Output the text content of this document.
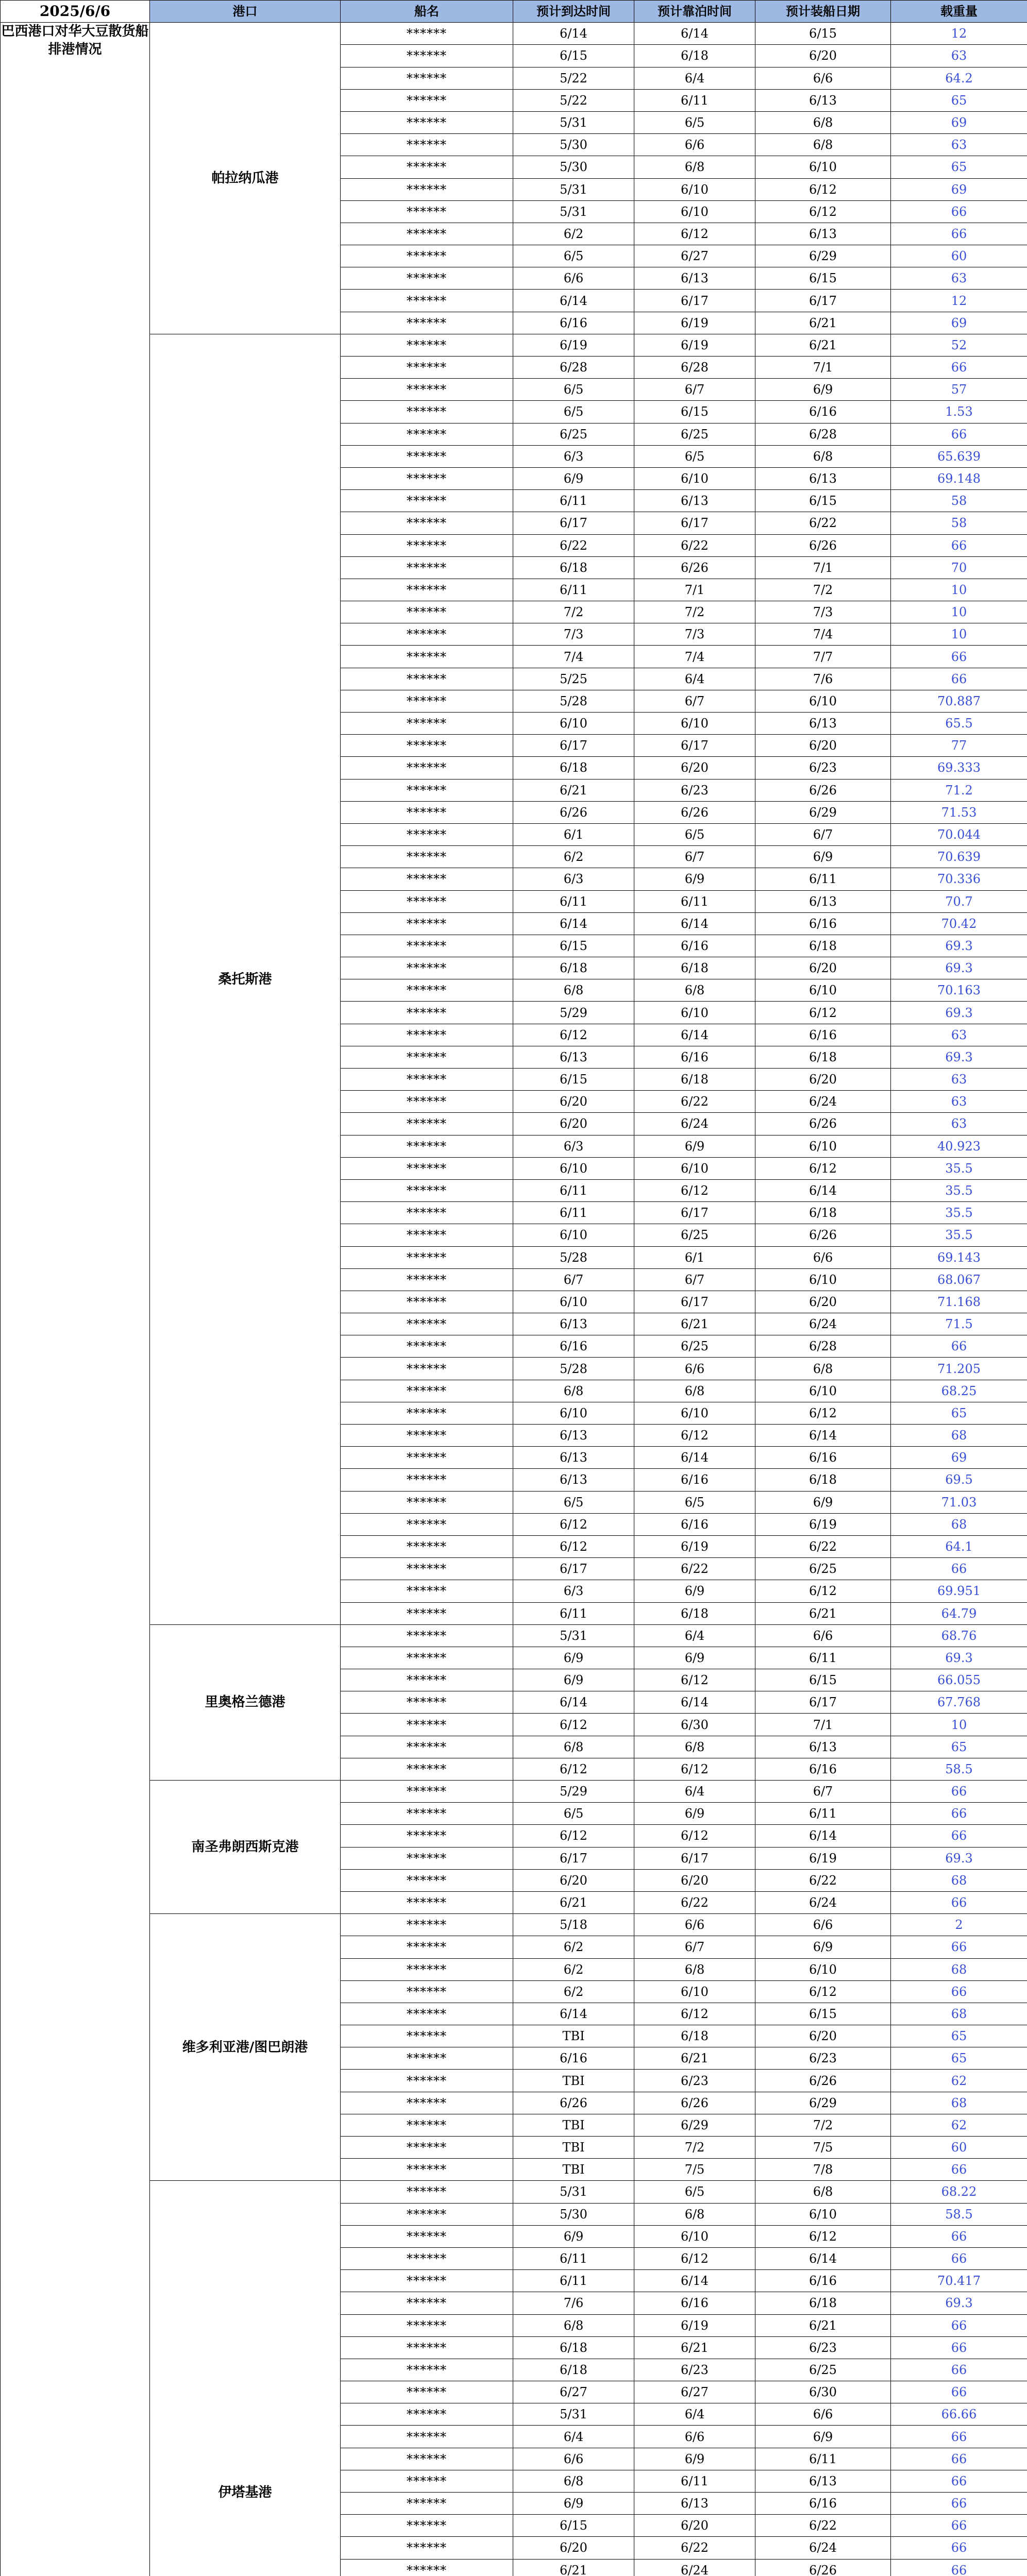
2025/6/6	港口	船名	预计到达时间	预计靠泊时间	预计装船日期	载重量
巴西港口对华大豆散货船排港情况	帕拉纳瓜港	******	6/14	6/14	6/15	12
		******	6/15	6/18	6/20	63
		******	5/22	6/4	6/6	64.2
		******	5/22	6/11	6/13	65
		******	5/31	6/5	6/8	69
		******	5/30	6/6	6/8	63
		******	5/30	6/8	6/10	65
		******	5/31	6/10	6/12	69
		******	5/31	6/10	6/12	66
		******	6/2	6/12	6/13	66
		******	6/5	6/27	6/29	60
		******	6/6	6/13	6/15	63
		******	6/14	6/17	6/17	12
		******	6/16	6/19	6/21	69
	桑托斯港	******	6/19	6/19	6/21	52
		******	6/28	6/28	7/1	66
		******	6/5	6/7	6/9	57
		******	6/5	6/15	6/16	1.53
		******	6/25	6/25	6/28	66
		******	6/3	6/5	6/8	65.639
		******	6/9	6/10	6/13	69.148
		******	6/11	6/13	6/15	58
		******	6/17	6/17	6/22	58
		******	6/22	6/22	6/26	66
		******	6/18	6/26	7/1	70
		******	6/11	7/1	7/2	10
		******	7/2	7/2	7/3	10
		******	7/3	7/3	7/4	10
		******	7/4	7/4	7/7	66
		******	5/25	6/4	7/6	66
		******	5/28	6/7	6/10	70.887
		******	6/10	6/10	6/13	65.5
		******	6/17	6/17	6/20	77
		******	6/18	6/20	6/23	69.333
		******	6/21	6/23	6/26	71.2
		******	6/26	6/26	6/29	71.53
		******	6/1	6/5	6/7	70.044
		******	6/2	6/7	6/9	70.639
		******	6/3	6/9	6/11	70.336
		******	6/11	6/11	6/13	70.7
		******	6/14	6/14	6/16	70.42
		******	6/15	6/16	6/18	69.3
		******	6/18	6/18	6/20	69.3
		******	6/8	6/8	6/10	70.163
		******	5/29	6/10	6/12	69.3
		******	6/12	6/14	6/16	63
		******	6/13	6/16	6/18	69.3
		******	6/15	6/18	6/20	63
		******	6/20	6/22	6/24	63
		******	6/20	6/24	6/26	63
		******	6/3	6/9	6/10	40.923
		******	6/10	6/10	6/12	35.5
		******	6/11	6/12	6/14	35.5
		******	6/11	6/17	6/18	35.5
		******	6/10	6/25	6/26	35.5
		******	5/28	6/1	6/6	69.143
		******	6/7	6/7	6/10	68.067
		******	6/10	6/17	6/20	71.168
		******	6/13	6/21	6/24	71.5
		******	6/16	6/25	6/28	66
		******	5/28	6/6	6/8	71.205
		******	6/8	6/8	6/10	68.25
		******	6/10	6/10	6/12	65
		******	6/13	6/12	6/14	68
		******	6/13	6/14	6/16	69
		******	6/13	6/16	6/18	69.5
		******	6/5	6/5	6/9	71.03
		******	6/12	6/16	6/19	68
		******	6/12	6/19	6/22	64.1
		******	6/17	6/22	6/25	66
		******	6/3	6/9	6/12	69.951
		******	6/11	6/18	6/21	64.79
	里奥格兰德港	******	5/31	6/4	6/6	68.76
		******	6/9	6/9	6/11	69.3
		******	6/9	6/12	6/15	66.055
		******	6/14	6/14	6/17	67.768
		******	6/12	6/30	7/1	10
		******	6/8	6/8	6/13	65
		******	6/12	6/12	6/16	58.5
	南圣弗朗西斯克港	******	5/29	6/4	6/7	66
		******	6/5	6/9	6/11	66
		******	6/12	6/12	6/14	66
		******	6/17	6/17	6/19	69.3
		******	6/20	6/20	6/22	68
		******	6/21	6/22	6/24	66
	维多利亚港/图巴朗港	******	5/18	6/6	6/6	2
		******	6/2	6/7	6/9	66
		******	6/2	6/8	6/10	68
		******	6/2	6/10	6/12	66
		******	6/14	6/12	6/15	68
		******	TBI	6/18	6/20	65
		******	6/16	6/21	6/23	65
		******	TBI	6/23	6/26	62
		******	6/26	6/26	6/29	68
		******	TBI	6/29	7/2	62
		******	TBI	7/2	7/5	60
		******	TBI	7/5	7/8	66
	伊塔基港	******	5/31	6/5	6/8	68.22
		******	5/30	6/8	6/10	58.5
		******	6/9	6/10	6/12	66
		******	6/11	6/12	6/14	66
		******	6/11	6/14	6/16	70.417
		******	7/6	6/16	6/18	69.3
		******	6/8	6/19	6/21	66
		******	6/18	6/21	6/23	66
		******	6/18	6/23	6/25	66
		******	6/27	6/27	6/30	66
		******	5/31	6/4	6/6	66.66
		******	6/4	6/6	6/9	66
		******	6/6	6/9	6/11	66
		******	6/8	6/11	6/13	66
		******	6/9	6/13	6/16	66
		******	6/15	6/20	6/22	66
		******	6/20	6/22	6/24	66
		******	6/21	6/24	6/26	66
